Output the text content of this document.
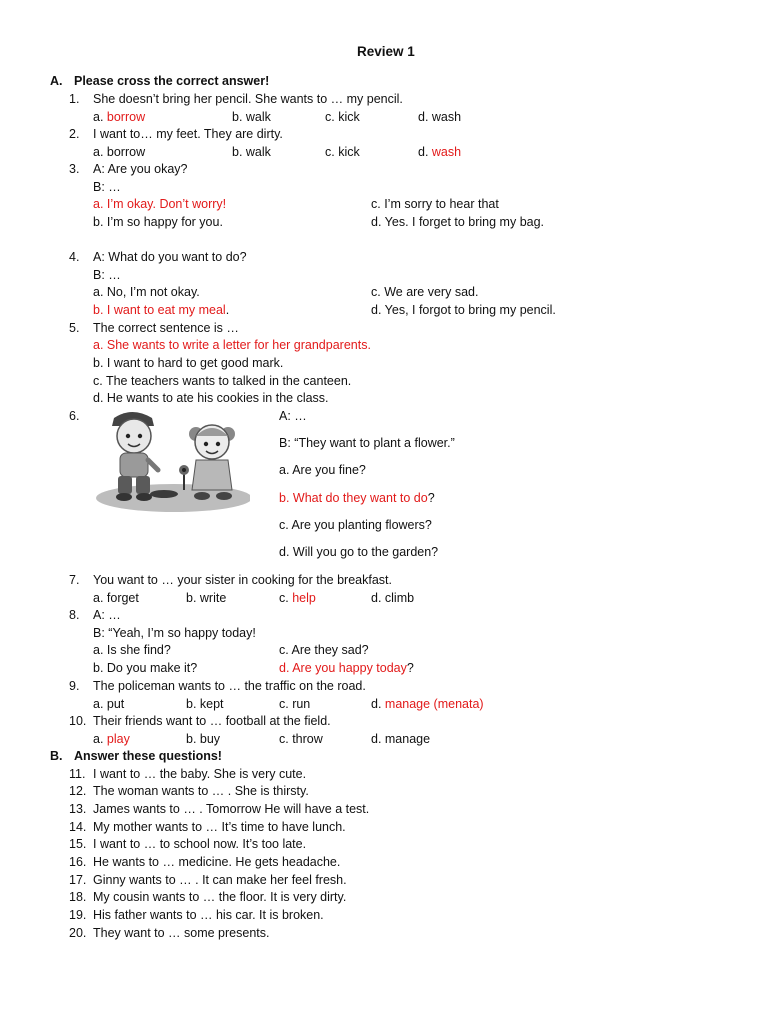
Review 1
A. Please cross the correct answer!
1. She doesn’t bring her pencil. She wants to … my pencil.
a. borrow	b. walk	c. kick	d. wash
2. I want to… my feet. They are dirty.
a. borrow	b. walk	c. kick	d. wash
3. A: Are you okay?
B: …
a. I’m okay. Don’t worry!	c. I’m sorry to hear that
b. I’m so happy for you.	d. Yes. I forget to bring my bag.
4. A: What do you want to do?
B: …
a. No, I’m not okay.	c. We are very sad.
b. I want to eat my meal.	d. Yes, I forgot to bring my pencil.
5. The correct sentence is …
a. She wants to write a letter for her grandparents.
b. I want to hard to get good mark.
c. The teachers wants to talked in the canteen.
d. He wants to ate his cookies in the class.
6.	A: …
B: “They want to plant a flower.”
a. Are you fine?
b. What do they want to do?
c. Are you planting flowers?
d. Will you go to the garden?
7. You want to … your sister in cooking for the breakfast.
a. forget	b. write	c. help	d. climb
8. A: …
B: “Yeah, I’m so happy today!
a. Is she find?	c. Are they sad?
b. Do you make it?	d. Are you happy today?
9. The policeman wants to … the traffic on the road.
a. put	b. kept	c. run	d. manage (menata)
10. Their friends want to … football at the field.
a. play	b. buy	c. throw	d. manage
B. Answer these questions!
11. I want to … the baby. She is very cute.
12. The woman wants to … . She is thirsty.
13. James wants to … . Tomorrow He will have a test.
14. My mother wants to … It’s time to have lunch.
15. I want to … to school now. It’s too late.
16. He wants to … medicine. He gets headache.
17. Ginny wants to … . It can make her feel fresh.
18. My cousin wants to … the floor. It is very dirty.
19. His father wants to … his car. It is broken.
20. They want to … some presents.
